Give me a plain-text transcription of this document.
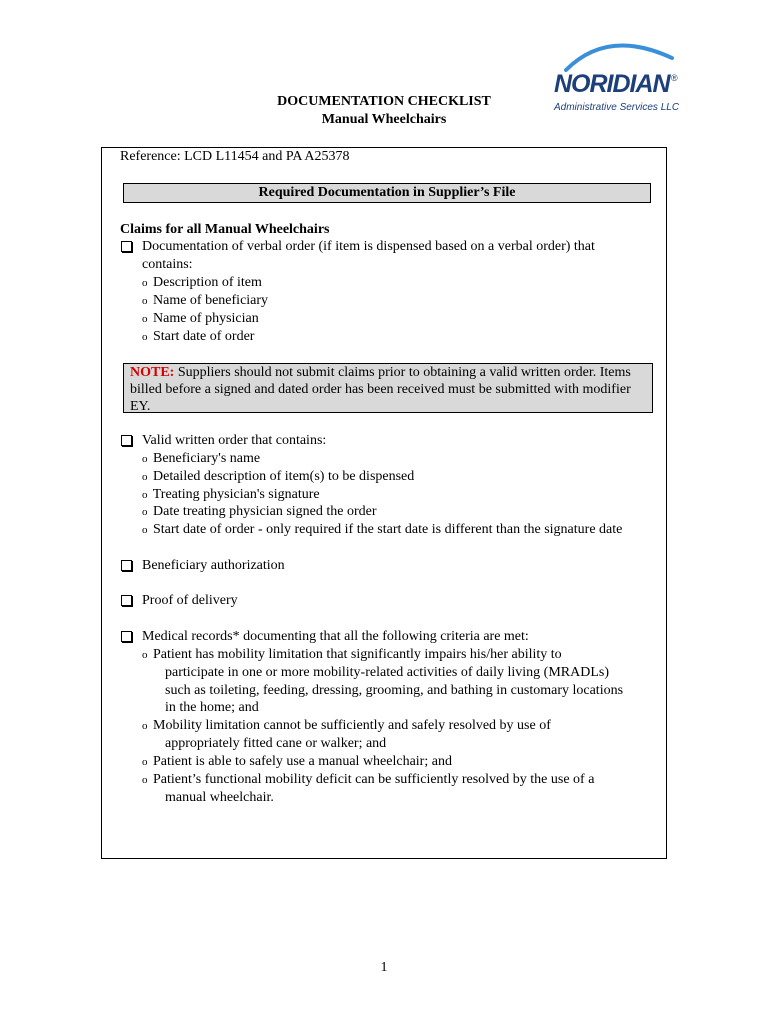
NORIDIAN ®
Administrative Services LLC
DOCUMENTATION CHECKLIST
Manual Wheelchairs
Reference: LCD L11454 and PA A25378
Required Documentation in Supplier’s File
Claims for all Manual Wheelchairs
Documentation of verbal order (if item is dispensed based on a verbal order) that
contains:
o Description of item
o Name of beneficiary
o Name of physician
o Start date of order
NOTE: Suppliers should not submit claims prior to obtaining a valid written order. Items
billed before a signed and dated order has been received must be submitted with modifier
EY.
Valid written order that contains:
o Beneficiary's name
o Detailed description of item(s) to be dispensed
o Treating physician's signature
o Date treating physician signed the order
o Start date of order - only required if the start date is different than the signature date
Beneficiary authorization
Proof of delivery
Medical records* documenting that all the following criteria are met:
o Patient has mobility limitation that significantly impairs his/her ability to
participate in one or more mobility-related activities of daily living (MRADLs)
such as toileting, feeding, dressing, grooming, and bathing in customary locations
in the home; and
o Mobility limitation cannot be sufficiently and safely resolved by use of
appropriately fitted cane or walker; and
o Patient is able to safely use a manual wheelchair; and
o Patient’s functional mobility deficit can be sufficiently resolved by the use of a
manual wheelchair.
1
